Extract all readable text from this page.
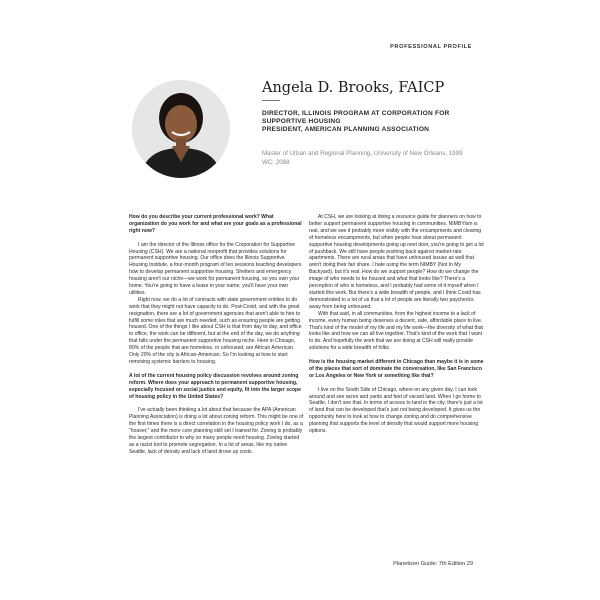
PROFESSIONAL PROFILE
Angela D. Brooks, FAICP
DIRECTOR, ILLINOIS PROGRAM AT CORPORATION FOR
SUPPORTIVE HOUSING
PRESIDENT, AMERICAN PLANNING ASSOCIATION
Master of Urban and Regional Planning, University of New Orleans, 1999
WC: 2088

How do you describe your current professional work? What organization do you work for and what are your goals as a professional right now?

I am the director of the Illinois office for the Corporation for Supportive Housing (CSH). We are a national nonprofit that provides solutions for permanent supportive housing. Our office does the Illinois Supportive Housing Institute, a four-month program of ten sessions teaching developers how to develop permanent supportive housing. Shelters and emergency housing aren't our niche—we work for permanent housing, so you own your home. You're going to have a lease in your name; you'll have your own utilities.

Right now, we do a lot of contracts with state government entities to do work that they might not have capacity to do. Post-Covid, and with the great resignation, there are a lot of government agencies that aren't able to hire to fulfill some roles that are much needed, such as ensuring people are getting housed. One of the things I like about CSH is that from day to day, and office to office, the work can be different, but at the end of the day, we do anything that falls under the permanent supportive housing niche. Here in Chicago, 80% of the people that are homeless, or unhoused, are African American. Only 20% of the city is African-American. So I'm looking at how to start removing systemic barriers to housing.

A lot of the current housing policy discussion revolves around zoning reform. Where does your approach to permanent supportive housing, especially focused on social justice and equity, fit into the larger scope of housing policy in the United States?

I've actually been thinking a lot about that because the APA (American Planning Association) is doing a lot about zoning reform. This might be one of the first times there is a direct correlation in the housing policy work I do, as a "houser," and the more core planning skill set I trained for. Zoning is probably the largest contributor to why so many people need housing. Zoning started as a racist tool to promote segregation. In a lot of areas, like my native Seattle, lack of density and lack of land drove up costs.

At CSH, we are looking at doing a resource guide for planners on how to better support permanent supportive housing in communities. NIMBYism is real, and we see it probably more visibly with the encampments and clearing of homeless encampments, but when people hear about permanent supportive housing developments going up next door, you're going to get a lot of pushback. We still have people pushing back against market-rate apartments. There are rural areas that have unhoused issues as well that aren't doing their fair share. I hate using the term NIMBY (Not In My Backyard), but it's real. How do we support people? How do we change the image of who needs to be housed and what that looks like? There's a perception of who is homeless, and I probably had some of it myself when I started this work. But there's a wide breadth of people, and I think Covid has demonstrated to a lot of us that a lot of people are literally two paychecks away from being unhoused.

With that said, in all communities, from the highest income to a lack of income, every human being deserves a decent, safe, affordable place to live. That's kind of the model of my life and my life work—the diversity of what that looks like and how we can all live together. That's kind of the work that I want to do. And hopefully the work that we are doing at CSH will really provide solutions for a wide breadth of folks.

How is the housing market different in Chicago than maybe it is in some of the places that sort of dominate the conversation, like San Francisco or Los Angeles or New York or something like that?

I live on the South Side of Chicago, where on any given day, I can look around and see acres and yards and feet of vacant land. When I go home to Seattle, I don't see that. In terms of access to land in the city, there's just a lot of land that can be developed that's just not being developed. It gives us the opportunity here to look at how to change zoning and do comprehensive planning that supports the level of density that would support more housing options.

Planetizen Guide: 7th Edition 29
